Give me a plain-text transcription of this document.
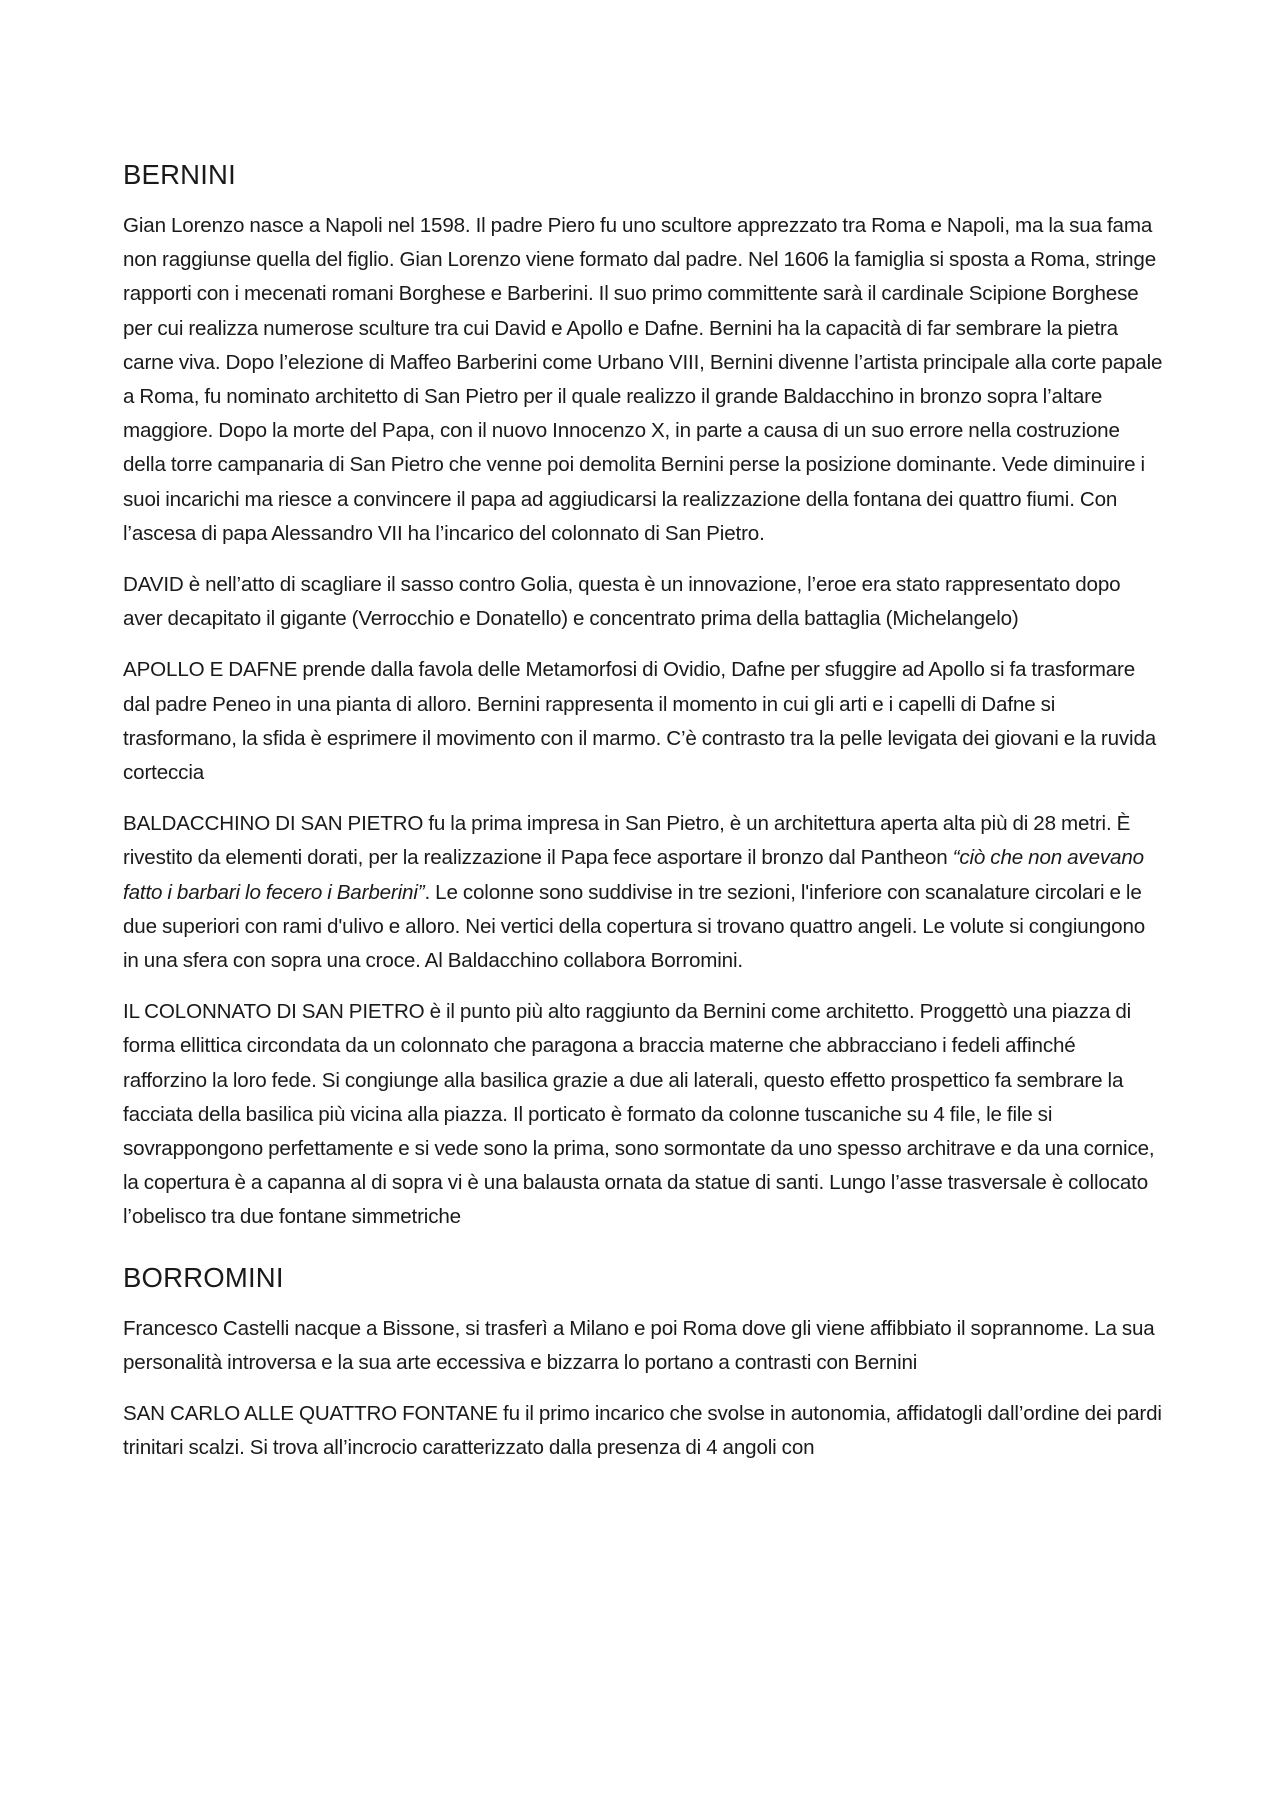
BERNINI

Gian Lorenzo nasce a Napoli nel 1598. Il padre Piero fu uno scultore apprezzato tra Roma e Napoli, ma la sua fama non raggiunse quella del figlio. Gian Lorenzo viene formato dal padre. Nel 1606 la famiglia si sposta a Roma, stringe rapporti con i mecenati romani Borghese e Barberini. Il suo primo committente sarà il cardinale Scipione Borghese per cui realizza numerose sculture tra cui David e Apollo e Dafne. Bernini ha la capacità di far sembrare la pietra carne viva. Dopo l’elezione di Maffeo Barberini come Urbano VIII, Bernini divenne l’artista principale alla corte papale a Roma, fu nominato architetto di San Pietro per il quale realizzo il grande Baldacchino in bronzo sopra l’altare maggiore. Dopo la morte del Papa, con il nuovo Innocenzo X, in parte a causa di un suo errore nella costruzione della torre campanaria di San Pietro che venne poi demolita Bernini perse la posizione dominante. Vede diminuire i suoi incarichi ma riesce a convincere il papa ad aggiudicarsi la realizzazione della fontana dei quattro fiumi. Con l’ascesa di papa Alessandro VII ha l’incarico del colonnato di San Pietro.

DAVID è nell’atto di scagliare il sasso contro Golia, questa è un innovazione, l’eroe era stato rappresentato dopo aver decapitato il gigante (Verrocchio e Donatello) e concentrato prima della battaglia (Michelangelo)

APOLLO E DAFNE prende dalla favola delle Metamorfosi di Ovidio, Dafne per sfuggire ad Apollo si fa trasformare dal padre Peneo in una pianta di alloro. Bernini rappresenta il momento in cui gli arti e i capelli di Dafne si trasformano, la sfida è esprimere il movimento con il marmo. C’è contrasto tra la pelle levigata dei giovani e la ruvida corteccia

BALDACCHINO DI SAN PIETRO fu la prima impresa in San Pietro, è un architettura aperta alta più di 28 metri. È rivestito da elementi dorati, per la realizzazione il Papa fece asportare il bronzo dal Pantheon “ciò che non avevano fatto i barbari lo fecero i Barberini”. Le colonne sono suddivise in tre sezioni, l'inferiore con scanalature circolari e le due superiori con rami d'ulivo e alloro. Nei vertici della copertura si trovano quattro angeli. Le volute si congiungono in una sfera con sopra una croce. Al Baldacchino collabora Borromini.

IL COLONNATO DI SAN PIETRO è il punto più alto raggiunto da Bernini come architetto. Proggettò una piazza di forma ellittica circondata da un colonnato che paragona a braccia materne che abbracciano i fedeli affinché rafforzino la loro fede. Si congiunge alla basilica grazie a due ali laterali, questo effetto prospettico fa sembrare la facciata della basilica più vicina alla piazza. Il porticato è formato da colonne tuscaniche su 4 file, le file si sovrappongono perfettamente e si vede sono la prima, sono sormontate da uno spesso architrave e da una cornice, la copertura è a capanna al di sopra vi è una balausta ornata da statue di santi. Lungo l’asse trasversale è collocato l’obelisco tra due fontane simmetriche

BORROMINI

Francesco Castelli nacque a Bissone, si trasferì a Milano e poi Roma dove gli viene affibbiato il soprannome. La sua personalità introversa e la sua arte eccessiva e bizzarra lo portano a contrasti con Bernini

SAN CARLO ALLE QUATTRO FONTANE fu il primo incarico che svolse in autonomia, affidatogli dall’ordine dei pardi trinitari scalzi. Si trova all’incrocio caratterizzato dalla presenza di 4 angoli con
